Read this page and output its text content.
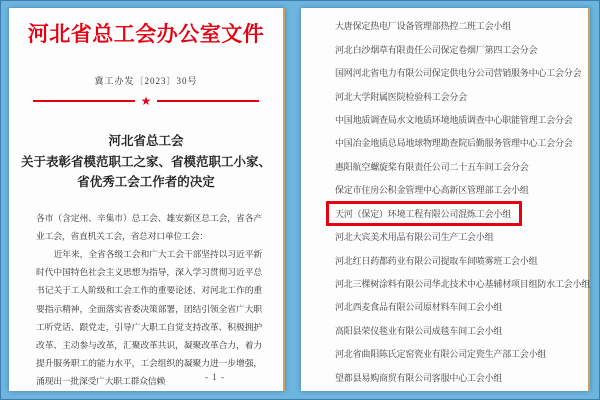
河北省总工会办公室文件
冀工办发〔2023〕30号
★
河北省总工会
关于表彰省模范职工之家、省模范职工小家、
省优秀工会工作者的决定
各市（含定州、辛集市）总工会、雄安新区总工会，省各产业工会，省直机关工会，省总对口单位工会：
近年来，全省各级工会和广大工会干部坚持以习近平新时代中国特色社会主义思想为指导，深入学习贯彻习近平总书记关于工人阶级和工会工作的重要论述、对河北工作的重要指示精神，全面落实省委决策部署，团结引领全省广大职工听党话、跟党走，引导广大职工自觉支持改革、积极拥护改革、主动参与改革，汇聚改革共识，凝聚改革合力，着力提升服务职工的能力水平，工会组织的凝聚力进一步增强，涌现出一批深受广大职工群众信赖	- 1 -
大唐保定热电厂设备管理部热控二班工会小组
河北白沙烟草有限责任公司保定卷烟厂第四工会分会
国网河北省电力有限公司保定供电分公司营销服务中心工会分会
河北大学附属医院检验科工会分会
中国地质调查局水文地质环境地质调查中心职能管理工会分会
中国冶金地质总局地球物理勘查院后勤服务管理中心工会分会
惠阳航空螺旋桨有限责任公司二十五车间工会分会
保定市住房公积金管理中心高新区管理部工会小组
天河（保定）环境工程有限公司混炼工会小组
河北大宾美术用品有限公司生产工会小组
河北红日药都药业有限公司提取车间喷雾班工会小组
河北三棵树涂料有限公司华北技术中心基辅材项目组防水工会小组
河北西麦食品有限公司原材料车间工会小组
高阳县荣仪毯业有限公司成毯车间工会小组
河北省曲阳陈氏定窑瓷业有限公司定瓷生产部工会小组
望都县易购商贸有限公司客服中心工会小组
